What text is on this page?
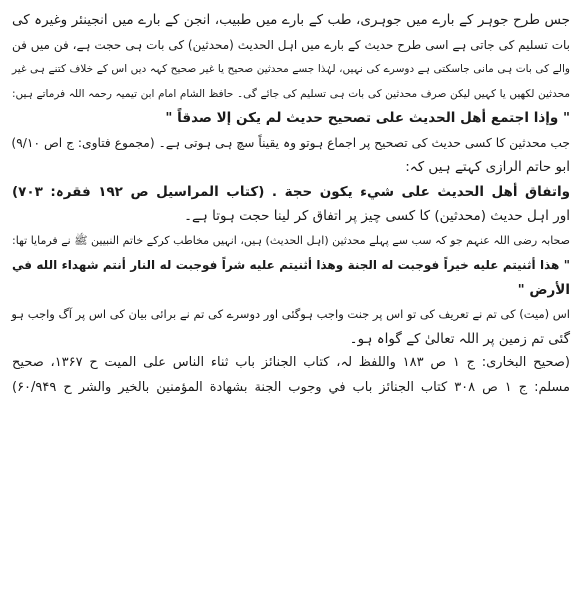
جس طرح جوہر کے بارے میں جوہری، طب کے بارے میں طبیب، انجن کے بارے میں انجینئر وغیرہ کی
بات تسلیم کی جاتی ہے اسی طرح حدیث کے بارے میں اہل الحدیث (محدثین) کی بات ہی حجت ہے، فن میں فن
والے کی بات ہی مانی جاسکتی ہے دوسرے کی نہیں، لہٰذا جسے محدثین صحیح یا غیر صحیح کہہ دیں اس کے خلاف کتنے ہی غیر
محدثین لکھیں یا کہیں لیکن صرف محدثین کی بات ہی تسلیم کی جائے گی۔ حافظ الشام امام ابن تیمیہ رحمہ اللہ فرماتے ہیں:
" وإذا اجتمع أهل الحديث على تصحيح حديث لم يكن إلا صدقاً "
جب محدثین کا کسی حدیث کی تصحیح پر اجماع ہوتو وہ یقیناً سچ ہی ہوتی ہے۔ (مجموع فتاوی: ج اص ۹/۱۰)
ابو حاتم الرازی کہتے ہیں کہ:
واتفاق أهل الحديث على شيء يكون حجة . (کتاب المراسیل ص ۱۹۲ فقرہ: ۷۰۳)
اور اہل حدیث (محدثین) کا کسی چیز پر اتفاق کر لینا حجت ہوتا ہے۔
صحابہ رضی اللہ عنہم جو کہ سب سے پہلے محدثین (اہل الحدیث) ہیں، انہیں مخاطب کرکے خاتم النبیین ﷺ نے فرمایا تھا:
" هذا أثنيتم عليه خيراً فوجبت له الجنة وهذا أثنيتم عليه شراً فوجبت له النار أنتم شهداء الله في
الأرض "
اس (میت) کی تم نے تعریف کی تو اس پر جنت واجب ہوگئی اور دوسرے کی تم نے برائی بیان کی اس پر آگ واجب ہو
گئی تم زمین پر اللہ تعالیٰ کے گواہ ہو۔
(صحیح البخاری: ج ۱ ص ۱۸۳ واللفظ لہ، کتاب الجنائز باب ثناء الناس علی المیت ح ۱۳۶۷، صحیح
مسلم: ج ۱ ص ۳۰۸ کتاب الجنائز باب في وجوب الجنة بشهادة المؤمنين بالخير والشر ح ۶۰/۹۴۹)
